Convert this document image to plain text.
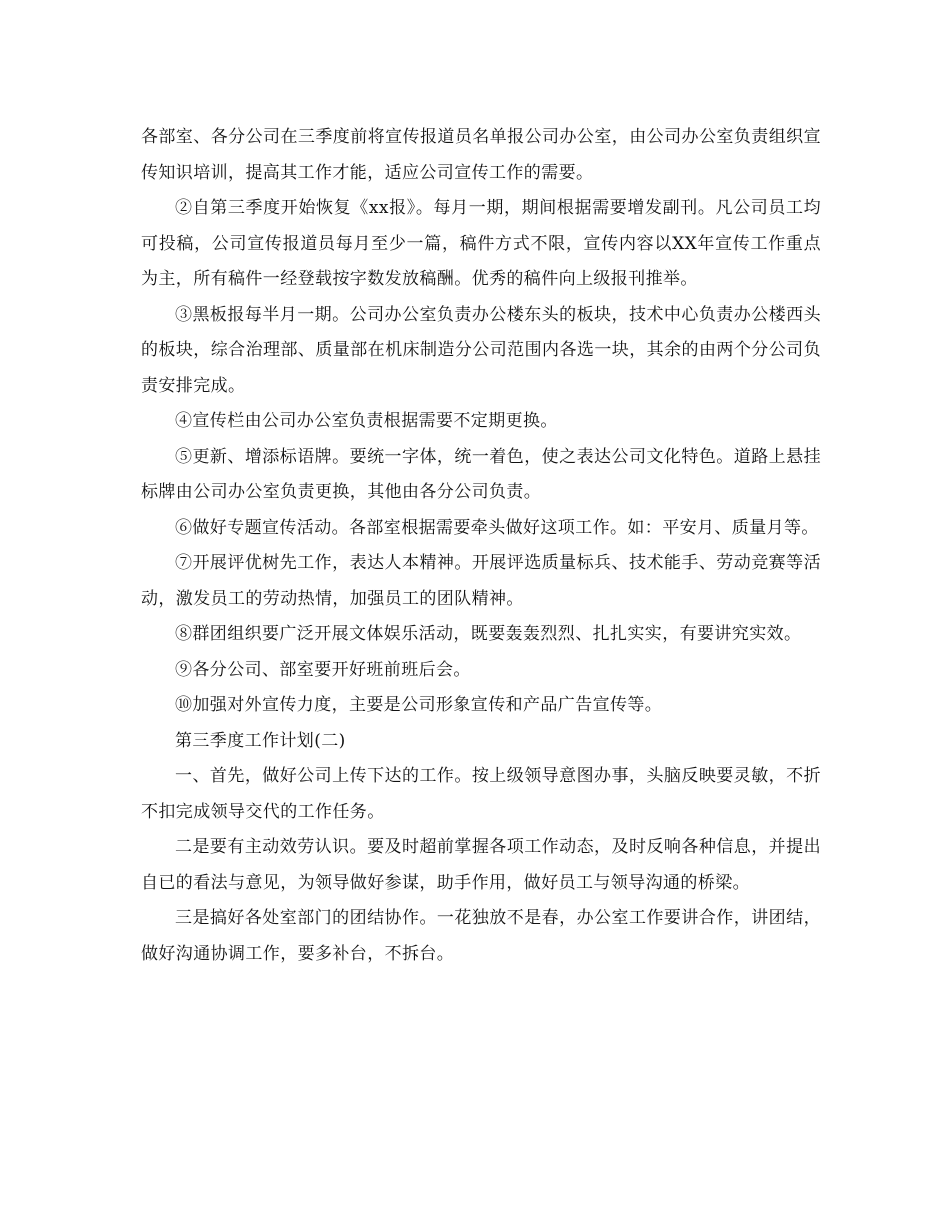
各部室、各分公司在三季度前将宣传报道员名单报公司办公室，由公司办公室负责组织宣传知识培训，提高其工作才能，适应公司宣传工作的需要。

②自第三季度开始恢复《xx报》。每月一期，期间根据需要增发副刊。凡公司员工均可投稿，公司宣传报道员每月至少一篇，稿件方式不限，宣传内容以XX年宣传工作重点为主，所有稿件一经登载按字数发放稿酬。优秀的稿件向上级报刊推举。

③黑板报每半月一期。公司办公室负责办公楼东头的板块，技术中心负责办公楼西头的板块，综合治理部、质量部在机床制造分公司范围内各选一块，其余的由两个分公司负责安排完成。

④宣传栏由公司办公室负责根据需要不定期更换。

⑤更新、增添标语牌。要统一字体，统一着色，使之表达公司文化特色。道路上悬挂标牌由公司办公室负责更换，其他由各分公司负责。

⑥做好专题宣传活动。各部室根据需要牵头做好这项工作。如：平安月、质量月等。

⑦开展评优树先工作，表达人本精神。开展评选质量标兵、技术能手、劳动竞赛等活动，激发员工的劳动热情，加强员工的团队精神。

⑧群团组织要广泛开展文体娱乐活动，既要轰轰烈烈、扎扎实实，有要讲究实效。

⑨各分公司、部室要开好班前班后会。

⑩加强对外宣传力度，主要是公司形象宣传和产品广告宣传等。

第三季度工作计划(二)

一、首先，做好公司上传下达的工作。按上级领导意图办事，头脑反映要灵敏，不折不扣完成领导交代的工作任务。

二是要有主动效劳认识。要及时超前掌握各项工作动态，及时反响各种信息，并提出自已的看法与意见，为领导做好参谋，助手作用，做好员工与领导沟通的桥梁。

三是搞好各处室部门的团结协作。一花独放不是春，办公室工作要讲合作，讲团结，做好沟通协调工作，要多补台，不拆台。
